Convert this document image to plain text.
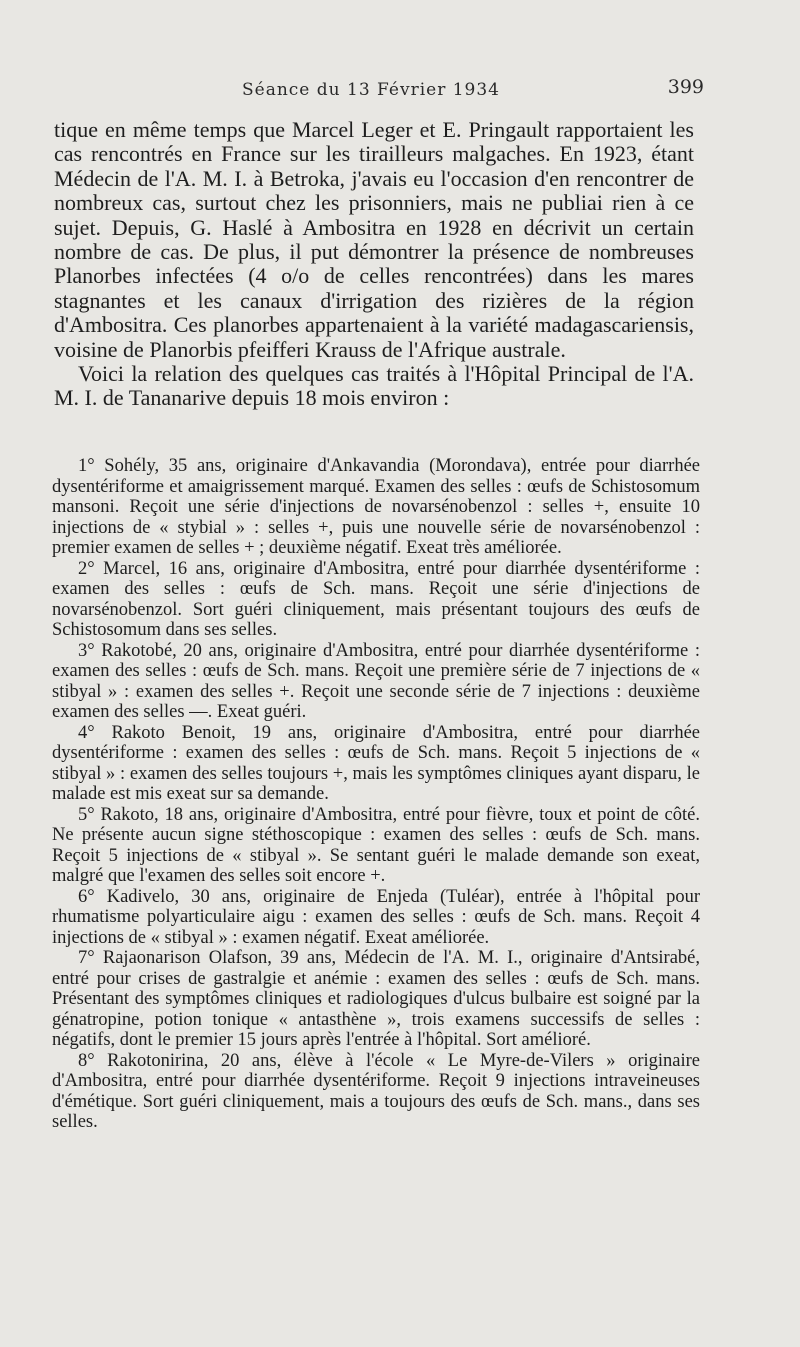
Séance du 13 Février 1934	399

tique en même temps que Marcel Leger et E. Pringault rapportaient les cas rencontrés en France sur les tirailleurs malgaches. En 1923, étant Médecin de l'A. M. I. à Betroka, j'avais eu l'occasion d'en rencontrer de nombreux cas, surtout chez les prisonniers, mais ne publiai rien à ce sujet. Depuis, G. Haslé à Ambositra en 1928 en décrivit un certain nombre de cas. De plus, il put démontrer la présence de nombreuses Planorbes infectées (4 o/o de celles rencontrées) dans les mares stagnantes et les canaux d'irrigation des rizières de la région d'Ambositra. Ces planorbes appartenaient à la variété madagascariensis, voisine de Planorbis pfeifferi Krauss de l'Afrique australe.

Voici la relation des quelques cas traités à l'Hôpital Principal de l'A. M. I. de Tananarive depuis 18 mois environ :

1° Sohély, 35 ans, originaire d'Ankavandia (Morondava), entrée pour diarrhée dysentériforme et amaigrissement marqué. Examen des selles : œufs de Schistosomum mansoni. Reçoit une série d'injections de novarsénobenzol : selles +, ensuite 10 injections de « stybial » : selles +, puis une nouvelle série de novarsénobenzol : premier examen de selles + ; deuxième négatif. Exeat très améliorée.

2° Marcel, 16 ans, originaire d'Ambositra, entré pour diarrhée dysentériforme : examen des selles : œufs de Sch. mans. Reçoit une série d'injections de novarsénobenzol. Sort guéri cliniquement, mais présentant toujours des œufs de Schistosomum dans ses selles.

3° Rakotobé, 20 ans, originaire d'Ambositra, entré pour diarrhée dysentériforme : examen des selles : œufs de Sch. mans. Reçoit une première série de 7 injections de « stibyal » : examen des selles +. Reçoit une seconde série de 7 injections : deuxième examen des selles —. Exeat guéri.

4° Rakoto Benoit, 19 ans, originaire d'Ambositra, entré pour diarrhée dysentériforme : examen des selles : œufs de Sch. mans. Reçoit 5 injections de « stibyal » : examen des selles toujours +, mais les symptômes cliniques ayant disparu, le malade est mis exeat sur sa demande.

5° Rakoto, 18 ans, originaire d'Ambositra, entré pour fièvre, toux et point de côté. Ne présente aucun signe stéthoscopique : examen des selles : œufs de Sch. mans. Reçoit 5 injections de « stibyal ». Se sentant guéri le malade demande son exeat, malgré que l'examen des selles soit encore +.

6° Kadivelo, 30 ans, originaire de Enjeda (Tuléar), entrée à l'hôpital pour rhumatisme polyarticulaire aigu : examen des selles : œufs de Sch. mans. Reçoit 4 injections de « stibyal » : examen négatif. Exeat améliorée.

7° Rajaonarison Olafson, 39 ans, Médecin de l'A. M. I., originaire d'Antsirabé, entré pour crises de gastralgie et anémie : examen des selles : œufs de Sch. mans. Présentant des symptômes cliniques et radiologiques d'ulcus bulbaire est soigné par la génatropine, potion tonique « antasthène », trois examens successifs de selles : négatifs, dont le premier 15 jours après l'entrée à l'hôpital. Sort amélioré.

8° Rakotonirina, 20 ans, élève à l'école « Le Myre-de-Vilers » originaire d'Ambositra, entré pour diarrhée dysentériforme. Reçoit 9 injections intraveineuses d'émétique. Sort guéri cliniquement, mais a toujours des œufs de Sch. mans., dans ses selles.
